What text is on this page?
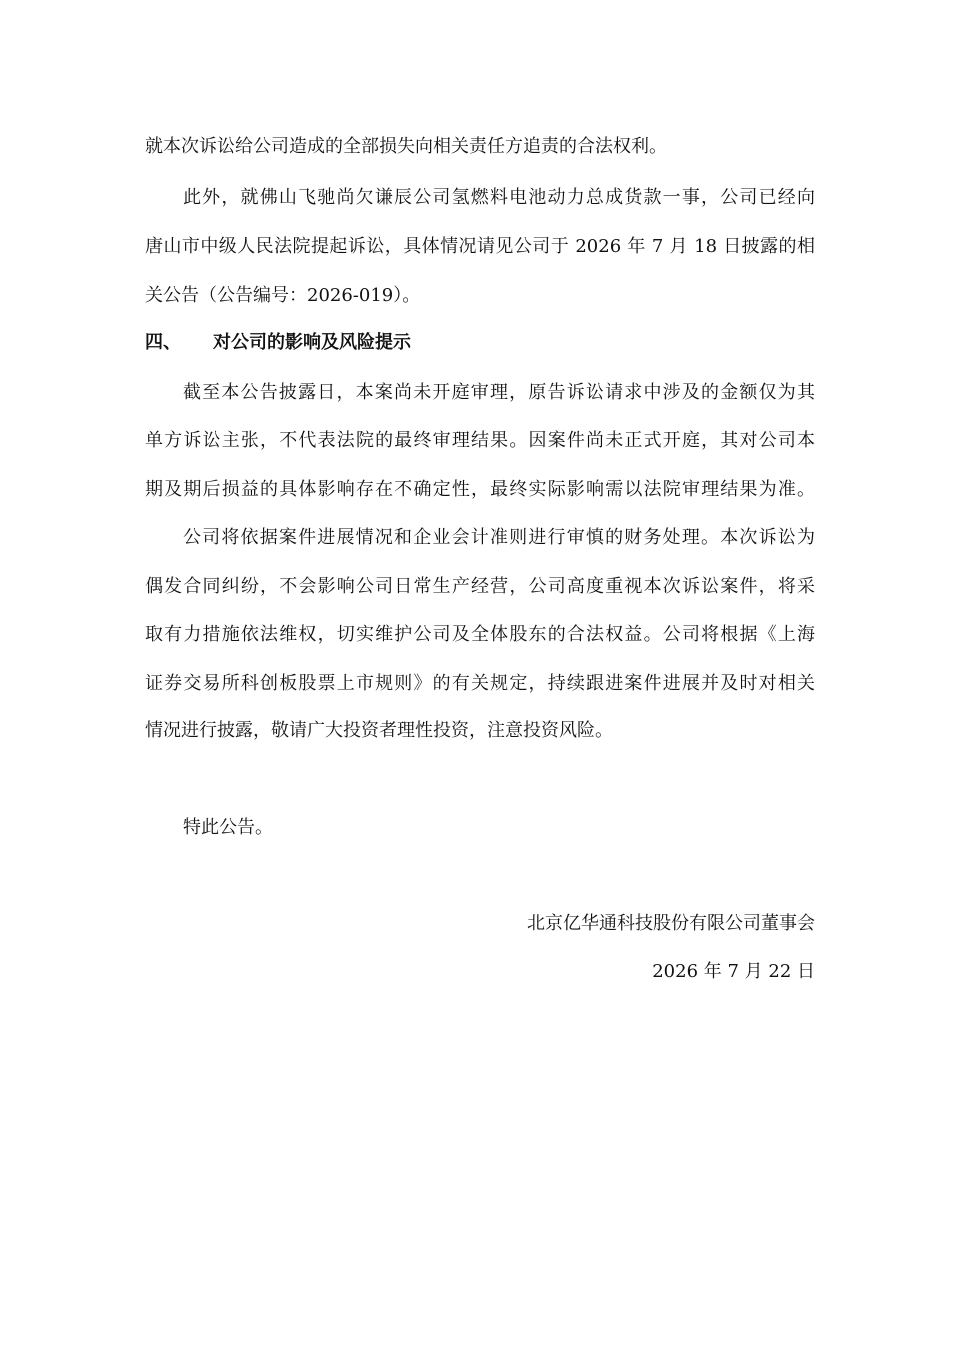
就本次诉讼给公司造成的全部损失向相关责任方追责的合法权利。
此外，就佛山飞驰尚欠谦辰公司氢燃料电池动力总成货款一事，公司已经向
唐山市中级人民法院提起诉讼，具体情况请见公司于 2026 年 7 月 18 日披露的相
关公告（公告编号：2026-019）。
四、 对公司的影响及风险提示
截至本公告披露日，本案尚未开庭审理，原告诉讼请求中涉及的金额仅为其
单方诉讼主张，不代表法院的最终审理结果。因案件尚未正式开庭，其对公司本
期及期后损益的具体影响存在不确定性，最终实际影响需以法院审理结果为准。
公司将依据案件进展情况和企业会计准则进行审慎的财务处理。本次诉讼为
偶发合同纠纷，不会影响公司日常生产经营，公司高度重视本次诉讼案件，将采
取有力措施依法维权，切实维护公司及全体股东的合法权益。公司将根据《上海
证券交易所科创板股票上市规则》的有关规定，持续跟进案件进展并及时对相关
情况进行披露，敬请广大投资者理性投资，注意投资风险。
特此公告。
北京亿华通科技股份有限公司董事会
2026 年 7 月 22 日
